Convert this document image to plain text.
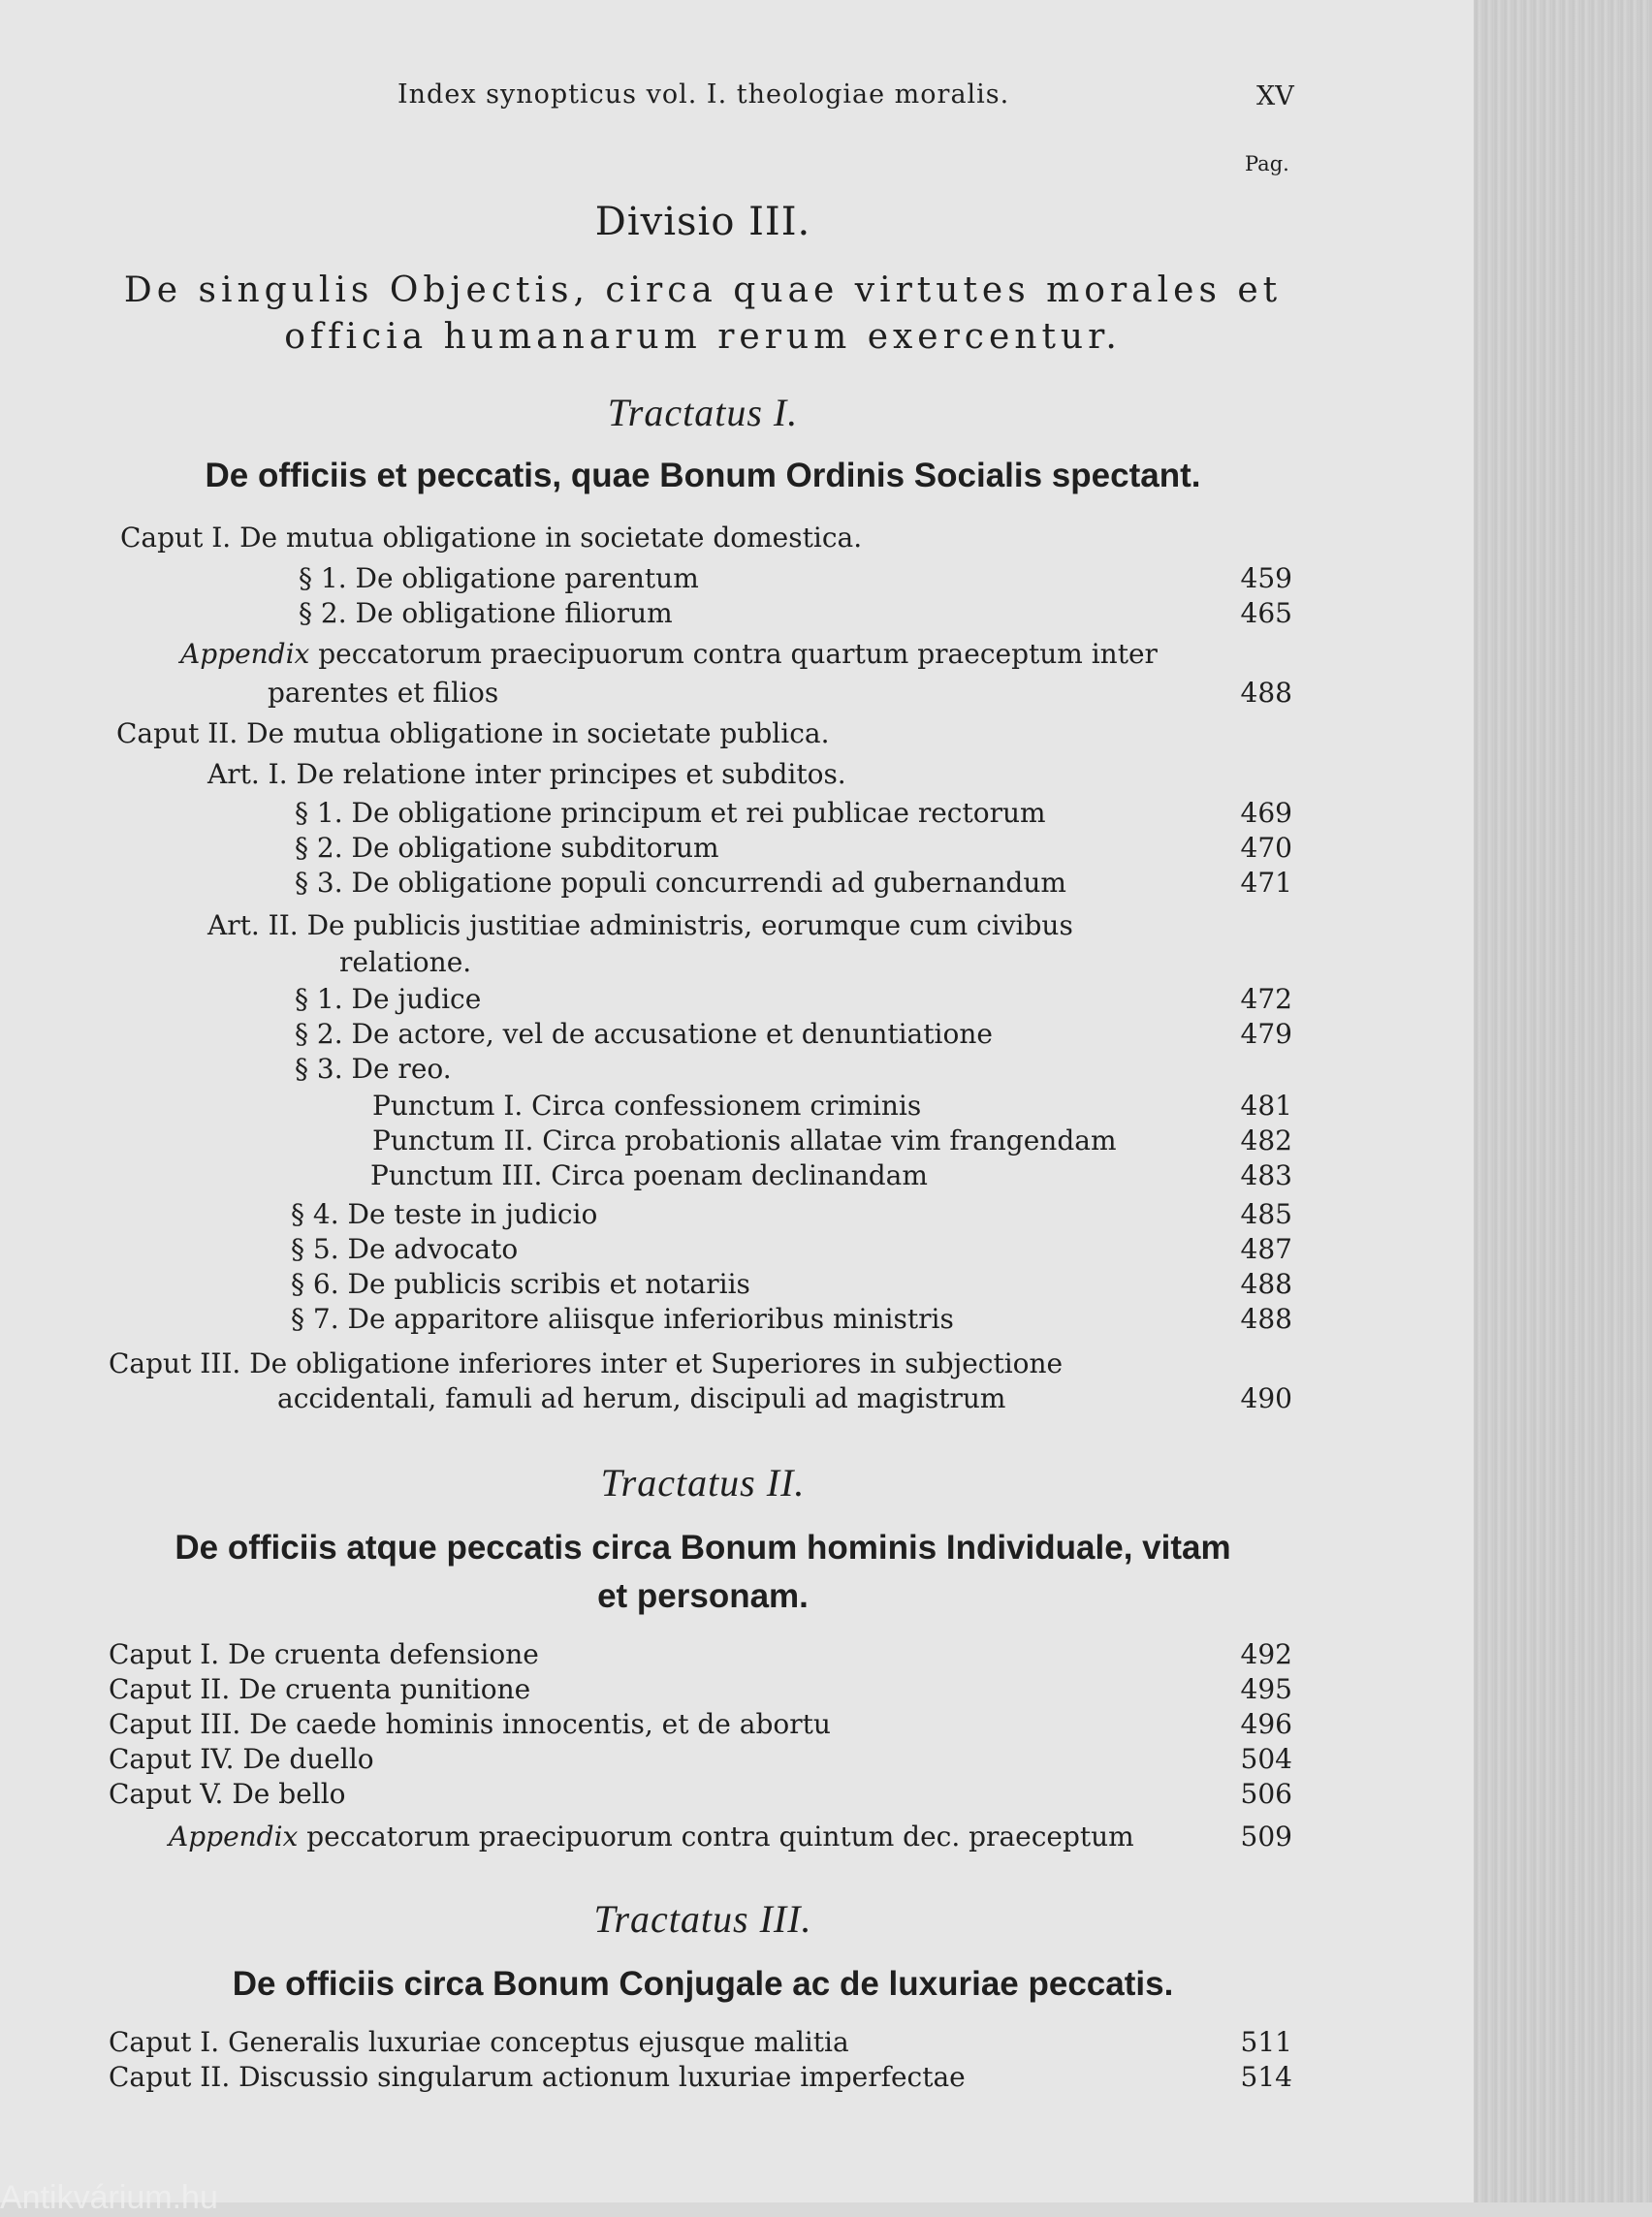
Index synopticus vol. I. theologiae moralis.	XV
Pag.
Divisio III.
De singulis Objectis, circa quae virtutes morales et
officia humanarum rerum exercentur.
Tractatus I.
De officiis et peccatis, quae Bonum Ordinis Socialis spectant.
Caput I. De mutua obligatione in societate domestica.
§ 1. De obligatione parentum	459
§ 2. De obligatione filiorum	465
Appendix peccatorum praecipuorum contra quartum praeceptum inter
parentes et filios	488
Caput II. De mutua obligatione in societate publica.
Art. I. De relatione inter principes et subditos.
§ 1. De obligatione principum et rei publicae rectorum	469
§ 2. De obligatione subditorum	470
§ 3. De obligatione populi concurrendi ad gubernandum	471
Art. II. De publicis justitiae administris, eorumque cum civibus
relatione.
§ 1. De judice	472
§ 2. De actore, vel de accusatione et denuntiatione	479
§ 3. De reo.
Punctum I. Circa confessionem criminis	481
Punctum II. Circa probationis allatae vim frangendam	482
Punctum III. Circa poenam declinandam	483
§ 4. De teste in judicio	485
§ 5. De advocato	487
§ 6. De publicis scribis et notariis	488
§ 7. De apparitore aliisque inferioribus ministris	488
Caput III. De obligatione inferiores inter et Superiores in subjectione
accidentali, famuli ad herum, discipuli ad magistrum	490
Tractatus II.
De officiis atque peccatis circa Bonum hominis Individuale, vitam
et personam.
Caput I. De cruenta defensione	492
Caput II. De cruenta punitione	495
Caput III. De caede hominis innocentis, et de abortu	496
Caput IV. De duello	504
Caput V. De bello	506
Appendix peccatorum praecipuorum contra quintum dec. praeceptum	509
Tractatus III.
De officiis circa Bonum Conjugale ac de luxuriae peccatis.
Caput I. Generalis luxuriae conceptus ejusque malitia	511
Caput II. Discussio singularum actionum luxuriae imperfectae	514
Antikvárium.hu
